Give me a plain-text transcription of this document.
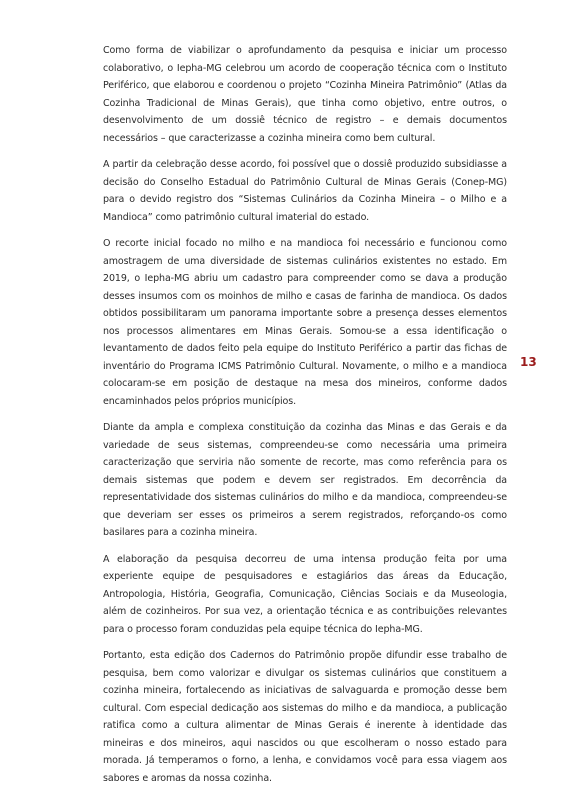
Como forma de viabilizar o aprofundamento da pesquisa e iniciar um processo colaborativo, o Iepha-MG celebrou um acordo de cooperação técnica com o Instituto Periférico, que elaborou e coordenou o projeto “Cozinha Mineira Patrimônio” (Atlas da Cozinha Tradicional de Minas Gerais), que tinha como objetivo, entre outros, o desenvolvimento de um dossiê técnico de registro – e demais documentos necessários – que caracterizasse a cozinha mineira como bem cultural.

A partir da celebração desse acordo, foi possível que o dossiê produzido subsidiasse a decisão do Conselho Estadual do Patrimônio Cultural de Minas Gerais (Conep-MG) para o devido registro dos “Sistemas Culinários da Cozinha Mineira – o Milho e a Mandioca” como patrimônio cultural imaterial do estado.

O recorte inicial focado no milho e na mandioca foi necessário e funcionou como amostragem de uma diversidade de sistemas culinários existentes no estado. Em 2019, o Iepha-MG abriu um cadastro para compreender como se dava a produção desses insumos com os moinhos de milho e casas de farinha de mandioca. Os dados obtidos possibilitaram um panorama importante sobre a presença desses elementos nos processos alimentares em Minas Gerais. Somou-se a essa identificação o levantamento de dados feito pela equipe do Instituto Periférico a partir das fichas de inventário do Programa ICMS Patrimônio Cultural. Novamente, o milho e a mandioca colocaram-se em posição de destaque na mesa dos mineiros, conforme dados encaminhados pelos próprios municípios.

Diante da ampla e complexa constituição da cozinha das Minas e das Gerais e da variedade de seus sistemas, compreendeu-se como necessária uma primeira caracterização que serviria não somente de recorte, mas como referência para os demais sistemas que podem e devem ser registrados. Em decorrência da representatividade dos sistemas culinários do milho e da mandioca, compreendeu-se que deveriam ser esses os primeiros a serem registrados, reforçando-os como basilares para a cozinha mineira.

A elaboração da pesquisa decorreu de uma intensa produção feita por uma experiente equipe de pesquisadores e estagiários das áreas da Educação, Antropologia, História, Geografia, Comunicação, Ciências Sociais e da Museologia, além de cozinheiros. Por sua vez, a orientação técnica e as contribuições relevantes para o processo foram conduzidas pela equipe técnica do Iepha-MG.

Portanto, esta edição dos Cadernos do Patrimônio propõe difundir esse trabalho de pesquisa, bem como valorizar e divulgar os sistemas culinários que constituem a cozinha mineira, fortalecendo as iniciativas de salvaguarda e promoção desse bem cultural. Com especial dedicação aos sistemas do milho e da mandioca, a publicação ratifica como a cultura alimentar de Minas Gerais é inerente à identidade das mineiras e dos mineiros, aqui nascidos ou que escolheram o nosso estado para morada. Já temperamos o forno, a lenha, e convidamos você para essa viagem aos sabores e aromas da nossa cozinha.

13
